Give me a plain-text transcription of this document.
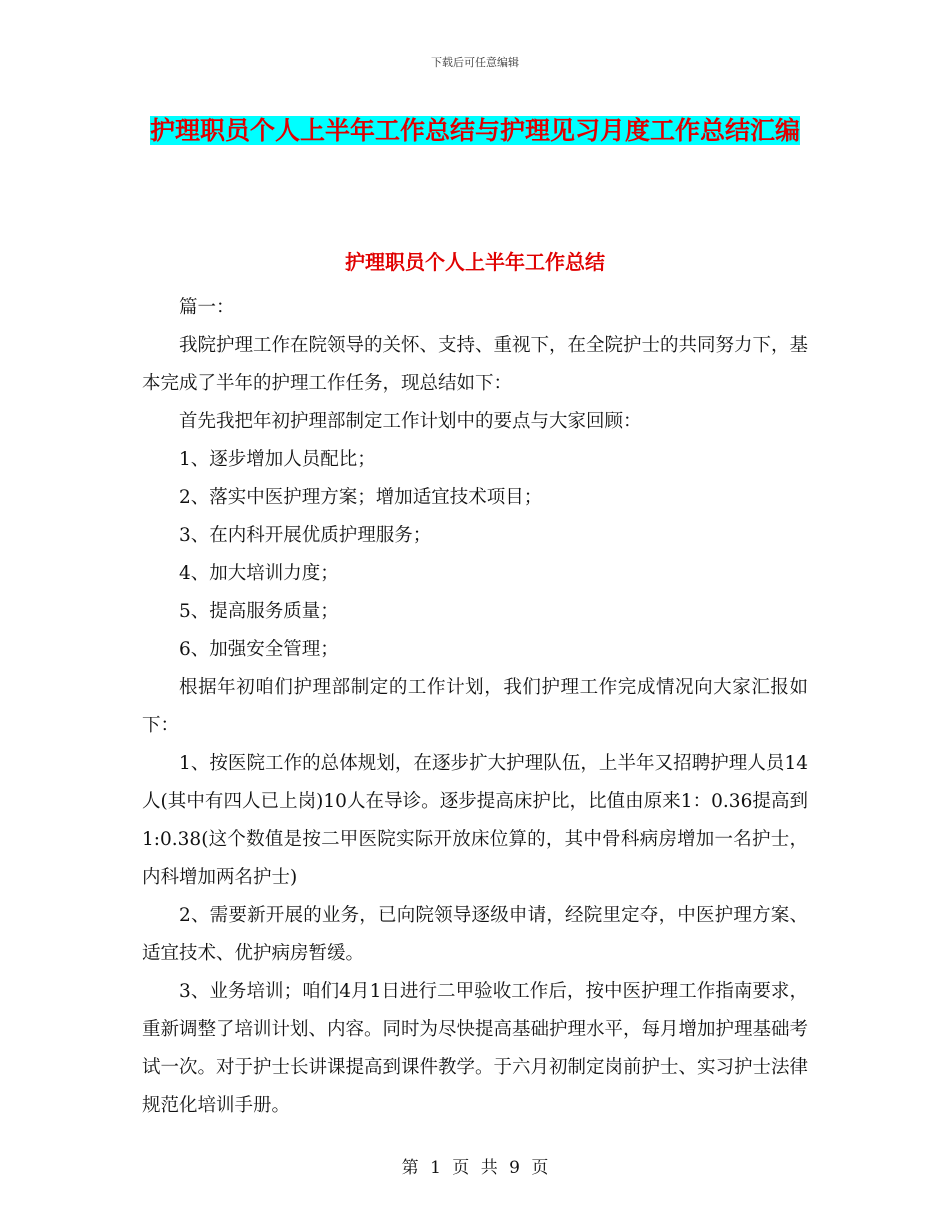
下载后可任意编辑
护理职员个人上半年工作总结与护理见习月度工作总结汇编
护理职员个人上半年工作总结

篇一：

我院护理工作在院领导的关怀、支持、重视下，在全院护士的共同努力下，基本完成了半年的护理工作任务，现总结如下：

首先我把年初护理部制定工作计划中的要点与大家回顾：

1、逐步增加人员配比；

2、落实中医护理方案；增加适宜技术项目；

3、在内科开展优质护理服务；

4、加大培训力度；

5、提高服务质量；

6、加强安全管理；

根据年初咱们护理部制定的工作计划，我们护理工作完成情况向大家汇报如下：

1、按医院工作的总体规划，在逐步扩大护理队伍，上半年又招聘护理人员14人(其中有四人已上岗)10人在导诊。逐步提高床护比，比值由原来1：0.36提高到1:0.38(这个数值是按二甲医院实际开放床位算的，其中骨科病房增加一名护士，内科增加两名护士)

2、需要新开展的业务，已向院领导逐级申请，经院里定夺，中医护理方案、适宜技术、优护病房暂缓。

3、业务培训；咱们4月1日进行二甲验收工作后，按中医护理工作指南要求，重新调整了培训计划、内容。同时为尽快提高基础护理水平，每月增加护理基础考试一次。对于护士长讲课提高到课件教学。于六月初制定岗前护士、实习护士法律规范化培训手册。

第 1 页 共 9 页
